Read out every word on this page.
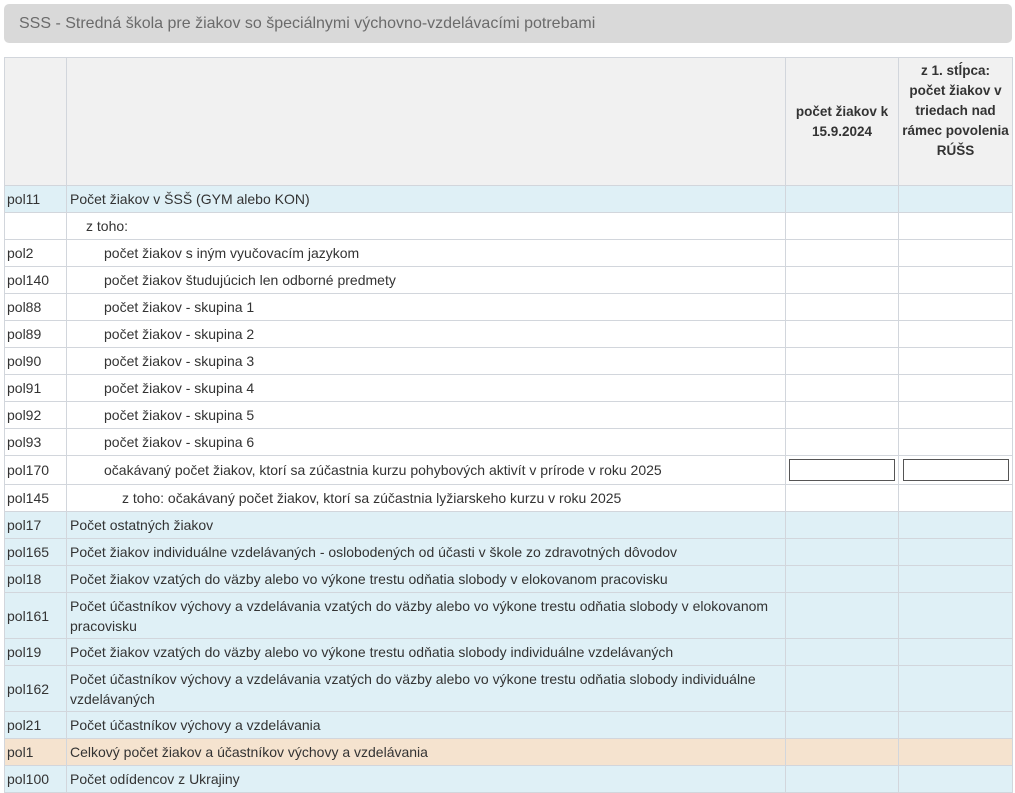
SSS - Stredná škola pre žiakov so špeciálnymi výchovno-vzdelávacími potrebami
		počet žiakov k 15.9.2024	z 1. stĺpca: počet žiakov v triedach nad rámec povolenia RÚŠS
pol11	Počet žiakov v ŠSŠ (GYM alebo KON)		
	z toho:		
pol2	počet žiakov s iným vyučovacím jazykom		
pol140	počet žiakov študujúcich len odborné predmety		
pol88	počet žiakov - skupina 1		
pol89	počet žiakov - skupina 2		
pol90	počet žiakov - skupina 3		
pol91	počet žiakov - skupina 4		
pol92	počet žiakov - skupina 5		
pol93	počet žiakov - skupina 6		
pol170	očakávaný počet žiakov, ktorí sa zúčastnia kurzu pohybových aktivít v prírode v roku 2025	

pol145	z toho: očakávaný počet žiakov, ktorí sa zúčastnia lyžiarskeho kurzu v roku 2025		
pol17	Počet ostatných žiakov		
pol165	Počet žiakov individuálne vzdelávaných - oslobodených od účasti v škole zo zdravotných dôvodov		
pol18	Počet žiakov vzatých do väzby alebo vo výkone trestu odňatia slobody v elokovanom pracovisku		
pol161	Počet účastníkov výchovy a vzdelávania vzatých do väzby alebo vo výkone trestu odňatia slobody v elokovanom pracovisku		
pol19	Počet žiakov vzatých do väzby alebo vo výkone trestu odňatia slobody individuálne vzdelávaných		
pol162	Počet účastníkov výchovy a vzdelávania vzatých do väzby alebo vo výkone trestu odňatia slobody individuálne vzdelávaných		
pol21	Počet účastníkov výchovy a vzdelávania		
pol1	Celkový počet žiakov a účastníkov výchovy a vzdelávania		
pol100	Počet odídencov z Ukrajiny		
